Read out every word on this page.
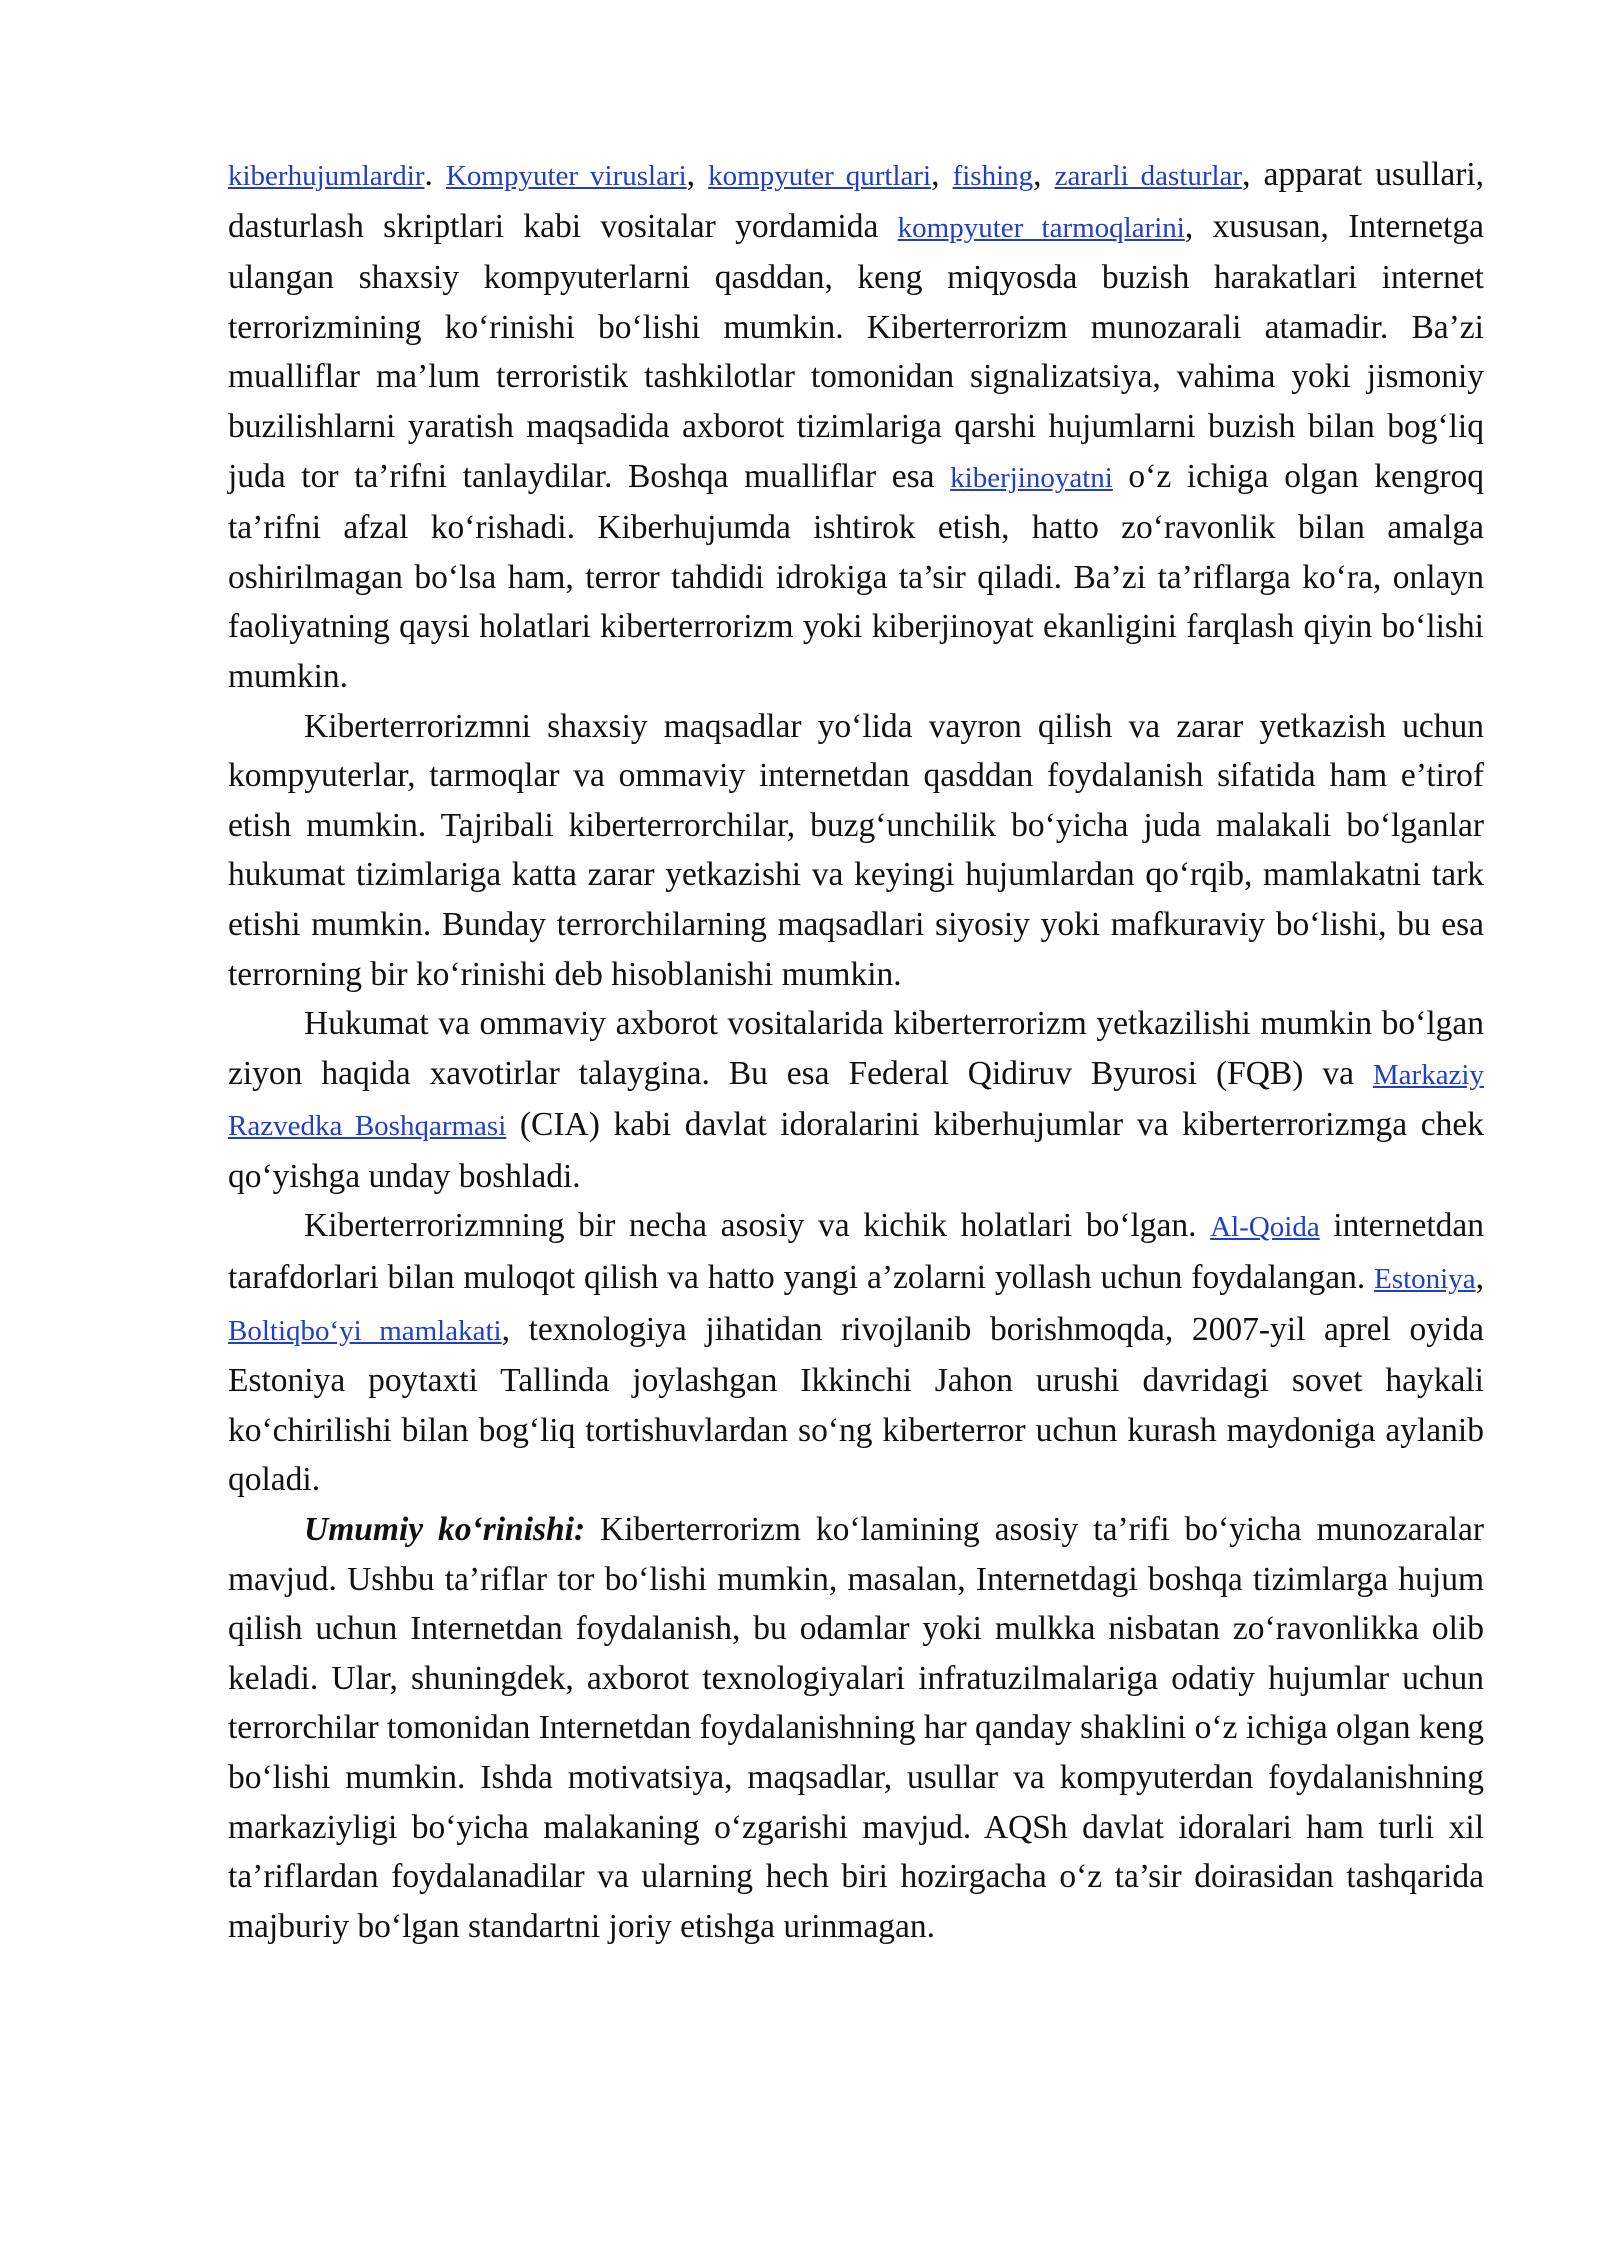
kiberhujumlardir. Kompyuter viruslari, kompyuter qurtlari, fishing, zararli dasturlar, apparat usullari, dasturlash skriptlari kabi vositalar yordamida kompyuter tarmoqlarini, xususan, Internetga ulangan shaxsiy kompyuterlarni qasddan, keng miqyosda buzish harakatlari internet terrorizmining ko‘rinishi bo‘lishi mumkin. Kiberterrorizm munozarali atamadir. Ba’zi mualliflar ma’lum terroristik tashkilotlar tomonidan signalizatsiya, vahima yoki jismoniy buzilishlarni yaratish maqsadida axborot tizimlariga qarshi hujumlarni buzish bilan bog‘liq juda tor ta’rifni tanlaydilar. Boshqa mualliflar esa kiberjinoyatni o‘z ichiga olgan kengroq ta’rifni afzal ko‘rishadi. Kiberhujumda ishtirok etish, hatto zo‘ravonlik bilan amalga oshirilmagan bo‘lsa ham, terror tahdidi idrokiga ta’sir qiladi. Ba’zi ta’riflarga ko‘ra, onlayn faoliyatning qaysi holatlari kiberterrorizm yoki kiberjinoyat ekanligini farqlash qiyin bo‘lishi mumkin.

Kiberterrorizmni shaxsiy maqsadlar yo‘lida vayron qilish va zarar yetkazish uchun kompyuterlar, tarmoqlar va ommaviy internetdan qasddan foydalanish sifatida ham e’tirof etish mumkin. Tajribali kiberterrorchilar, buzg‘unchilik bo‘yicha juda malakali bo‘lganlar hukumat tizimlariga katta zarar yetkazishi va keyingi hujumlardan qo‘rqib, mamlakatni tark etishi mumkin. Bunday terrorchilarning maqsadlari siyosiy yoki mafkuraviy bo‘lishi, bu esa terrorning bir ko‘rinishi deb hisoblanishi mumkin.

Hukumat va ommaviy axborot vositalarida kiberterrorizm yetkazilishi mumkin bo‘lgan ziyon haqida xavotirlar talaygina. Bu esa Federal Qidiruv Byurosi (FQB) va Markaziy Razvedka Boshqarmasi (CIA) kabi davlat idoralarini kiberhujumlar va kiberterrorizmga chek qo‘yishga unday boshladi.

Kiberterrorizmning bir necha asosiy va kichik holatlari bo‘lgan. Al-Qoida internetdan tarafdorlari bilan muloqot qilish va hatto yangi a’zolarni yollash uchun foydalangan. Estoniya, Boltiqbo‘yi mamlakati, texnologiya jihatidan rivojlanib borishmoqda, 2007-yil aprel oyida Estoniya poytaxti Tallinda joylashgan Ikkinchi Jahon urushi davridagi sovet haykali ko‘chirilishi bilan bog‘liq tortishuvlardan so‘ng kiberterror uchun kurash maydoniga aylanib qoladi.

Umumiy ko‘rinishi: Kiberterrorizm ko‘lamining asosiy ta’rifi bo‘yicha munozaralar mavjud. Ushbu ta’riflar tor bo‘lishi mumkin, masalan, Internetdagi boshqa tizimlarga hujum qilish uchun Internetdan foydalanish, bu odamlar yoki mulkka nisbatan zo‘ravonlikka olib keladi. Ular, shuningdek, axborot texnologiyalari infratuzilmalariga odatiy hujumlar uchun terrorchilar tomonidan Internetdan foydalanishning har qanday shaklini o‘z ichiga olgan keng bo‘lishi mumkin. Ishda motivatsiya, maqsadlar, usullar va kompyuterdan foydalanishning markaziyligi bo‘yicha malakaning o‘zgarishi mavjud. AQSh davlat idoralari ham turli xil ta’riflardan foydalanadilar va ularning hech biri hozirgacha o‘z ta’sir doirasidan tashqarida majburiy bo‘lgan standartni joriy etishga urinmagan.
